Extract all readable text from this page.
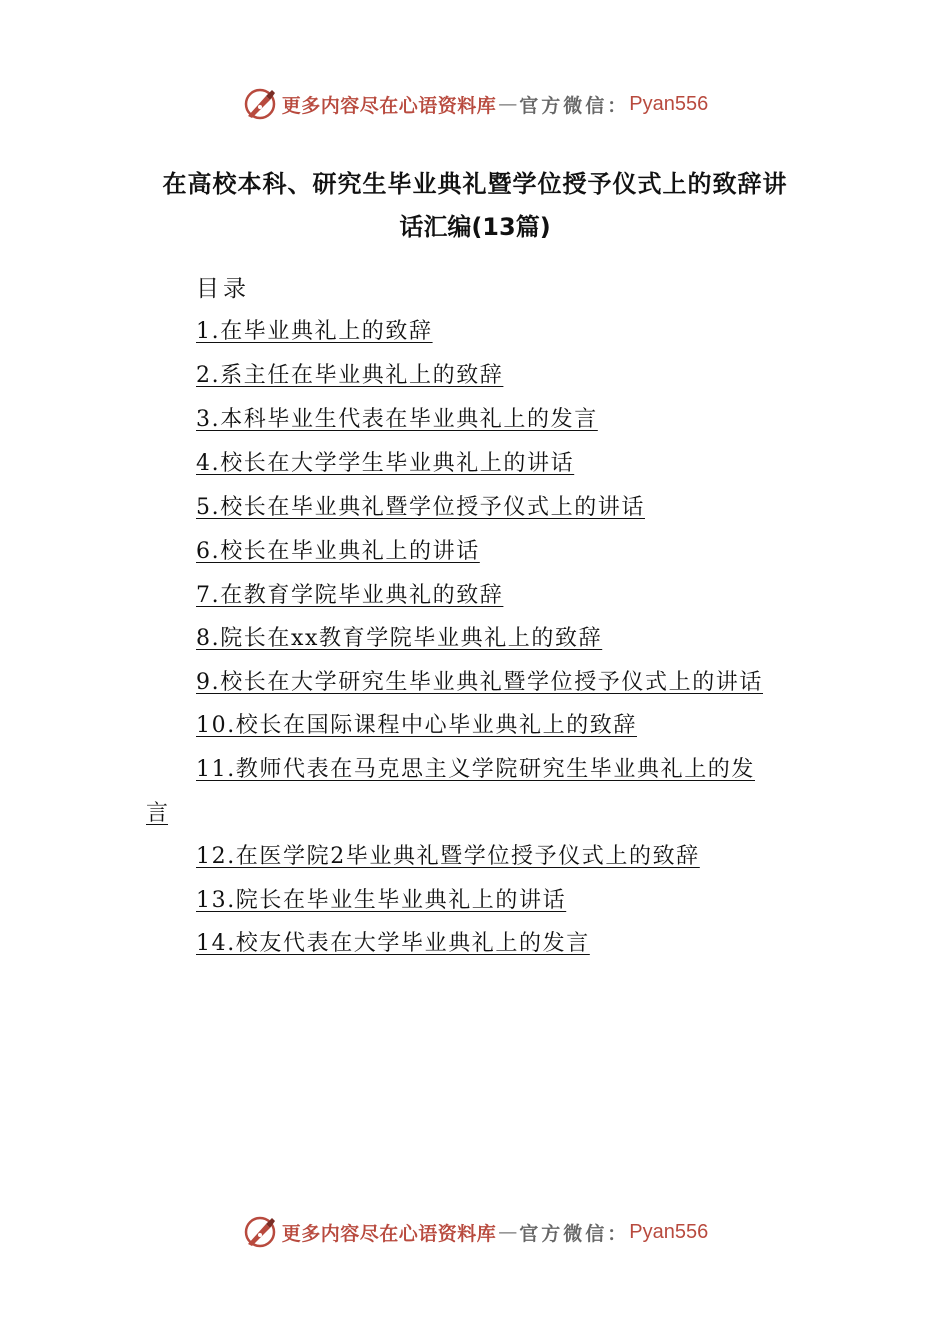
更多内容尽在心语资料库 — 官方微信： Pyan556
在高校本科、研究生毕业典礼暨学位授予仪式上的致辞讲
话汇编(13篇)
目录
1.在毕业典礼上的致辞
2.系主任在毕业典礼上的致辞
3.本科毕业生代表在毕业典礼上的发言
4.校长在大学学生毕业典礼上的讲话
5.校长在毕业典礼暨学位授予仪式上的讲话
6.校长在毕业典礼上的讲话
7.在教育学院毕业典礼的致辞
8.院长在xx教育学院毕业典礼上的致辞
9.校长在大学研究生毕业典礼暨学位授予仪式上的讲话
10.校长在国际课程中心毕业典礼上的致辞
11.教师代表在马克思主义学院研究生毕业典礼上的发
言
12.在医学院2毕业典礼暨学位授予仪式上的致辞
13.院长在毕业生毕业典礼上的讲话
14.校友代表在大学毕业典礼上的发言
更多内容尽在心语资料库 — 官方微信： Pyan556
